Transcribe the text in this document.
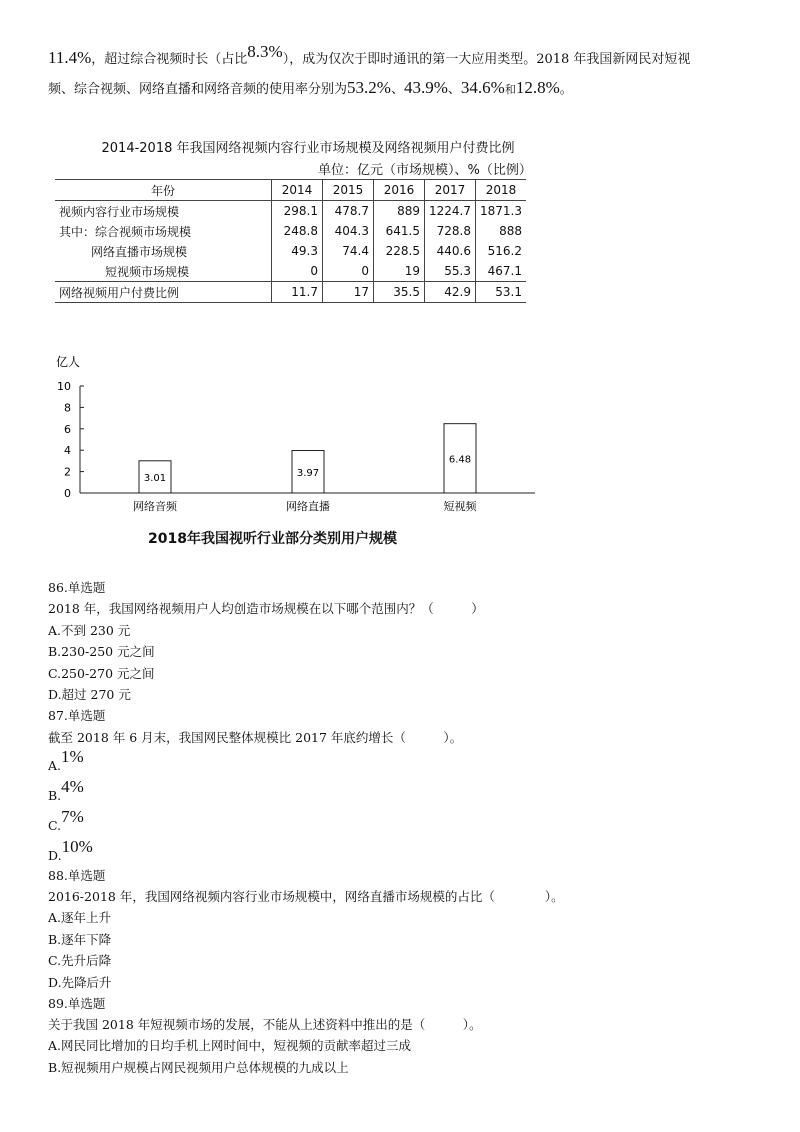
11.4%，超过综合视频时长（占比8.3%），成为仅次于即时通讯的第一大应用类型。2018 年我国新网民对短视
频、综合视频、网络直播和网络音频的使用率分别为53.2%、43.9%、34.6%和12.8%。
2014-2018 年我国网络视频内容行业市场规模及网络视频用户付费比例
单位：亿元（市场规模）、%（比例）
年份	2014	2015	2016	2017	2018
视频内容行业市场规模	298.1	478.7	889	1224.7	1871.3
其中：综合视频市场规模	248.8	404.3	641.5	728.8	888
网络直播市场规模	49.3	74.4	228.5	440.6	516.2
短视频市场规模	0	0	19	55.3	467.1
网络视频用户付费比例	11.7	17	35.5	42.9	53.1
亿人
0
2
4
6
8
10
3.01
网络音频
3.97
网络直播
6.48
短视频
2018年我国视听行业部分类别用户规模
86.单选题
2018 年，我国网络视频用户人均创造市场规模在以下哪个范围内？（　　　）
A.不到 230 元
B.230-250 元之间
C.250-270 元之间
D.超过 270 元
87.单选题
截至 2018 年 6 月末，我国网民整体规模比 2017 年底约增长（　　　）。
A.1%
B.4%
C.7%
D.10%
88.单选题
2016-2018 年，我国网络视频内容行业市场规模中，网络直播市场规模的占比（　　　　）。
A.逐年上升
B.逐年下降
C.先升后降
D.先降后升
89.单选题
关于我国 2018 年短视频市场的发展，不能从上述资料中推出的是（　　　）。
A.网民同比增加的日均手机上网时间中，短视频的贡献率超过三成
B.短视频用户规模占网民视频用户总体规模的九成以上
